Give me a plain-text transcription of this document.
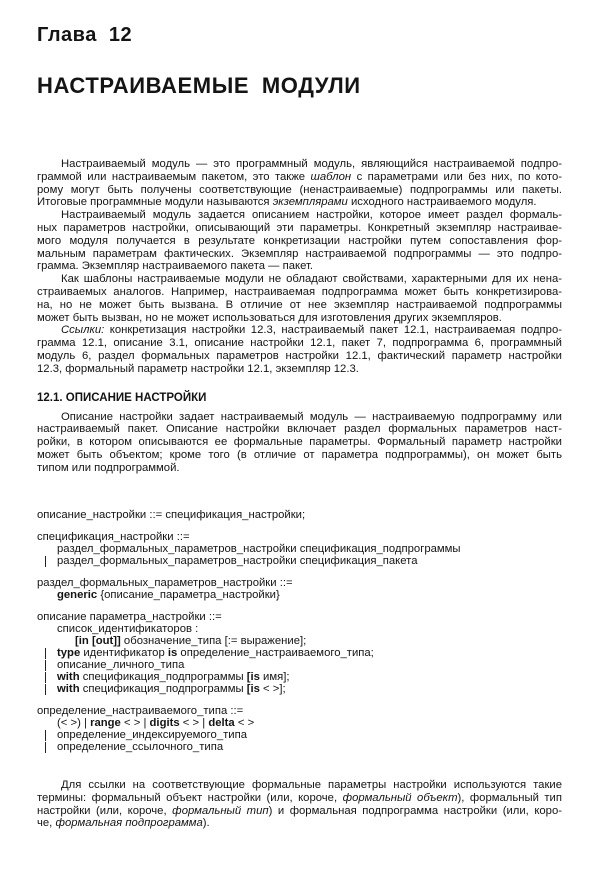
Глава 12
НАСТРАИВАЕМЫЕ МОДУЛИ
Настраиваемый модуль — это программный модуль, являющийся настраиваемой подпро-
граммой или настраиваемым пакетом, это также шаблон с параметрами или без них, по кото-
рому могут быть получены соответствующие (ненастраиваемые) подпрограммы или пакеты.
Итоговые программные модули называются экземплярами исходного настраиваемого модуля.
Настраиваемый модуль задается описанием настройки, которое имеет раздел формаль-
ных параметров настройки, описывающий эти параметры. Конкретный экземпляр настраивае-
мого модуля получается в результате конкретизации настройки путем сопоставления фор-
мальным параметрам фактических. Экземпляр настраиваемой подпрограммы — это подпро-
грамма. Экземпляр настраиваемого пакета — пакет.
Как шаблоны настраиваемые модули не обладают свойствами, характерными для их нена-
страиваемых аналогов. Например, настраиваемая подпрограмма может быть конкретизирова-
на, но не может быть вызвана. В отличие от нее экземпляр настраиваемой подпрограммы
может быть вызван, но не может использоваться для изготовления других экземпляров.
Ссылки: конкретизация настройки 12.3, настраиваемый пакет 12.1, настраиваемая подпро-
грамма 12.1, описание 3.1, описание настройки 12.1, пакет 7, подпрограмма 6, программный
модуль 6, раздел формальных параметров настройки 12.1, фактический параметр настройки
12.3, формальный параметр настройки 12.1, экземпляр 12.3.
12.1. ОПИСАНИЕ НАСТРОЙКИ
Описание настройки задает настраиваемый модуль — настраиваемую подпрограмму или
настраиваемый пакет. Описание настройки включает раздел формальных параметров наст-
ройки, в котором описываются ее формальные параметры. Формальный параметр настройки
может быть объектом; кроме того (в отличие от параметра подпрограммы), он может быть
типом или подпрограммой.
описание_настройки ::= спецификация_настройки;
спецификация_настройки ::=
раздел_формальных_параметров_настройки спецификация_подпрограммы
раздел_формальных_параметров_настройки спецификация_пакета
раздел_формальных_параметров_настройки ::=
generic {описание_параметра_настройки}
описание параметра_настройки ::=
список_идентификаторов :
[in [out]] обозначение_типа [:= выражение];
type идентификатор is определение_настраиваемого_типа;
описание_личного_типа
with спецификация_подпрограммы [is имя];
with спецификация_подпрограммы [is < >];
определение_настраиваемого_типа ::=
(< >) | range < > | digits < > | delta < >
определение_индексируемого_типа
определение_ссылочного_типа
Для ссылки на соответствующие формальные параметры настройки используются такие
термины: формальный объект настройки (или, короче, формальный объект), формальный тип
настройки (или, короче, формальный тип) и формальная подпрограмма настройки (или, коро-
че, формальная подпрограмма).
